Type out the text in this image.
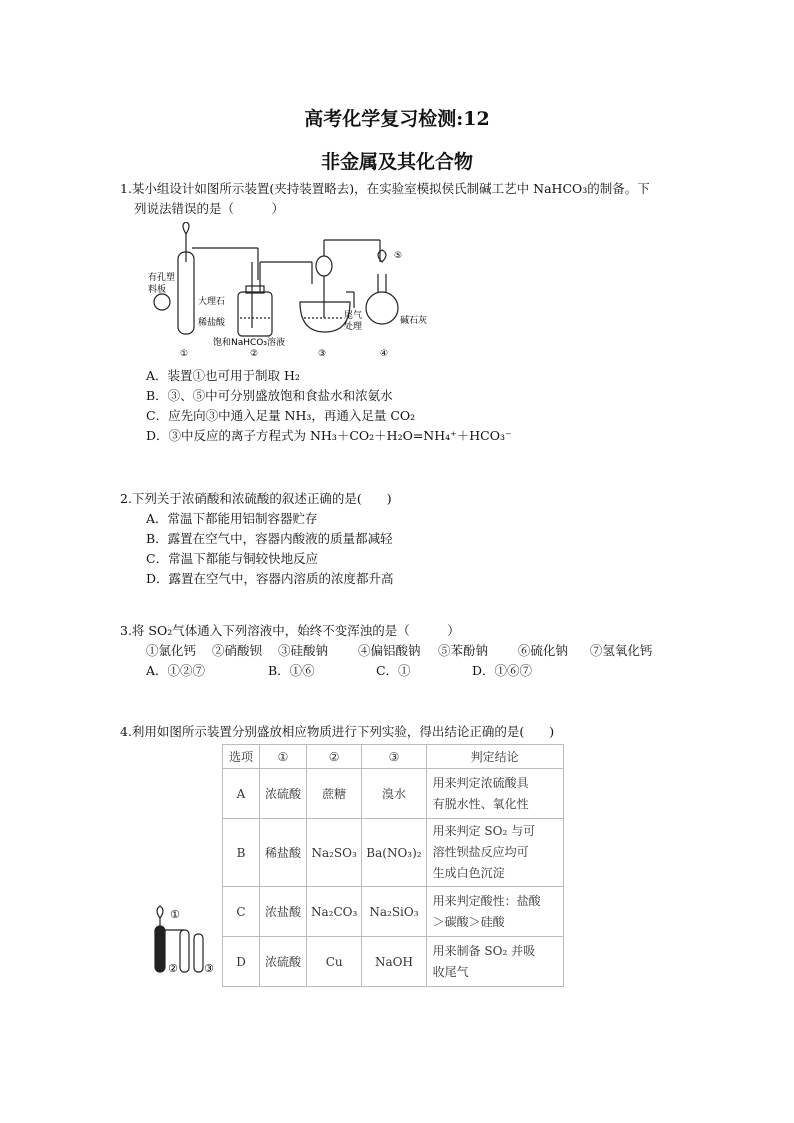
高考化学复习检测:12
非金属及其化合物
1.某小组设计如图所示装置(夹持装置略去)，在实验室模拟侯氏制碱工艺中 NaHCO₃的制备。下
列说法错误的是（　　　）
有孔塑
料板
大理石
稀盐酸
饱和NaHCO₃溶液
尾气
处理
碱石灰
①	②	③	④
⑤
A．装置①也可用于制取 H₂
B．③、⑤中可分别盛放饱和食盐水和浓氨水
C．应先向③中通入足量 NH₃，再通入足量 CO₂
D．③中反应的离子方程式为 NH₃＋CO₂＋H₂O=NH₄⁺＋HCO₃⁻
2.下列关于浓硝酸和浓硫酸的叙述正确的是(　　)
A．常温下都能用铝制容器贮存
B．露置在空气中，容器内酸液的质量都减轻
C．常温下都能与铜较快地反应
D．露置在空气中，容器内溶质的浓度都升高
3.将 SO₂气体通入下列溶液中，始终不变浑浊的是（　　　）
①氯化钙 ②硝酸钡 ③硅酸钠 ④偏铝酸钠 ⑤苯酚钠 ⑥硫化钠 ⑦氢氧化钙
A．①②⑦	B．①⑥	C．①	D．①⑥⑦
4.利用如图所示装置分别盛放相应物质进行下列实验，得出结论正确的是(　　)
①
② ③
选项	①	②	③	判定结论
A	浓硫酸	蔗糖	溴水	用来判定浓硫酸具
有脱水性、氧化性

B	稀盐酸	Na₂SO₃	Ba(NO₃)₂	用来判定 SO₂ 与可
溶性钡盐反应均可
生成白色沉淀

C	浓盐酸	Na₂CO₃	Na₂SiO₃	用来判定酸性：盐酸
＞碳酸＞硅酸

D	浓硫酸	Cu	NaOH	用来制备 SO₂ 并吸
收尾气
